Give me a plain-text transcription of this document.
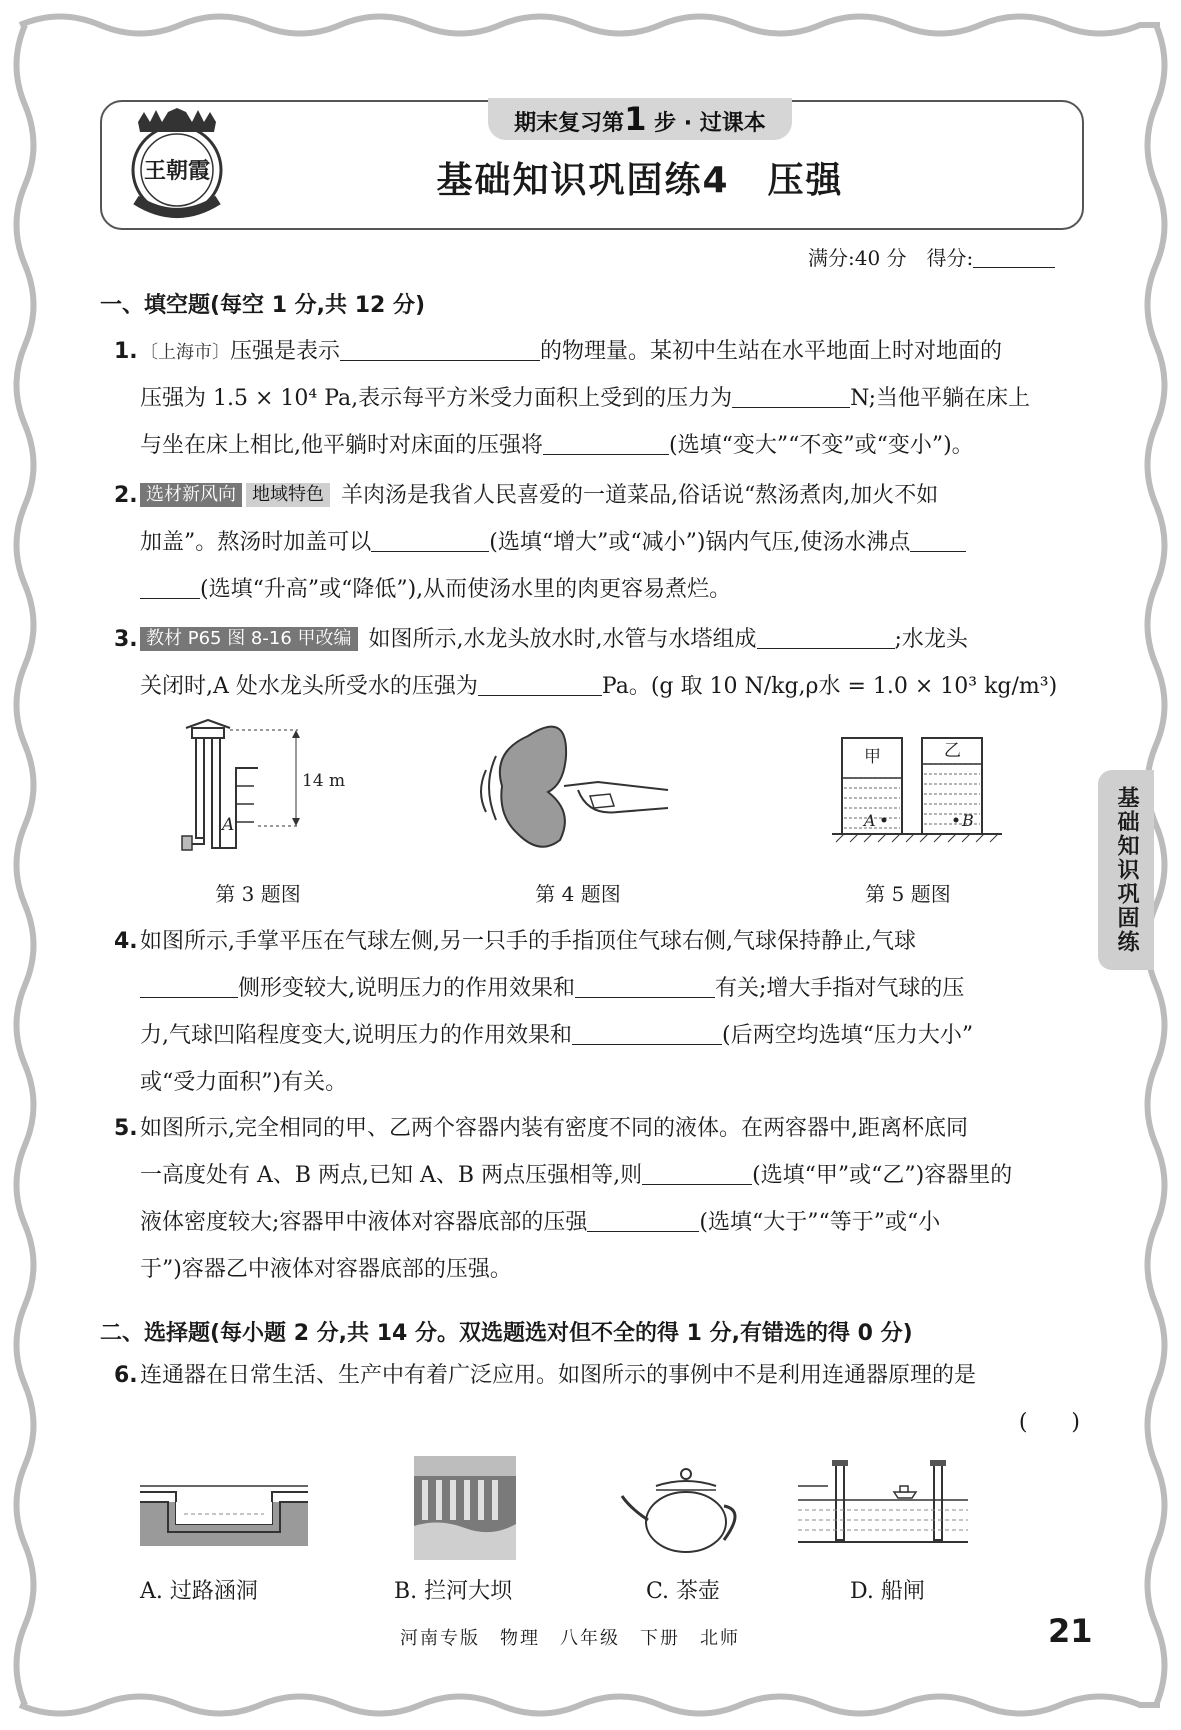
期末复习第1 步 · 过课本
王朝霞	基础知识巩固练4　压强
满分:40 分　得分:
一、填空题(每空 1 分,共 12 分)
1. 〔上海市〕压强是表示	的物理量。某初中生站在水平地面上时对地面的
压强为 1.5 × 10⁴ Pa,表示每平方米受力面积上受到的压力为	N;当他平躺在床上
与坐在床上相比,他平躺时对床面的压强将	(选填“变大”“不变”或“变小”)。
2. 选材新风向 地域特色 羊肉汤是我省人民喜爱的一道菜品,俗话说“熬汤煮肉,加火不如
加盖”。熬汤时加盖可以	(选填“增大”或“减小”)锅内气压,使汤水沸点
(选填“升高”或“降低”),从而使汤水里的肉更容易煮烂。
3. 教材 P65 图 8-16 甲改编 如图所示,水龙头放水时,水管与水塔组成	;水龙头
关闭时,A 处水龙头所受水的压强为	Pa。(g 取 10 N/kg,ρ水 = 1.0 × 10³ kg/m³)
14 m
A
第 3 题图	第 4 题图
甲	乙
A	B
第 5 题图	基础知识巩固练
4. 如图所示,手掌平压在气球左侧,另一只手的手指顶住气球右侧,气球保持静止,气球
侧形变较大,说明压力的作用效果和	有关;增大手指对气球的压
力,气球凹陷程度变大,说明压力的作用效果和	(后两空均选填“压力大小”
或“受力面积”)有关。
5. 如图所示,完全相同的甲、乙两个容器内装有密度不同的液体。在两容器中,距离杯底同
一高度处有 A、B 两点,已知 A、B 两点压强相等,则	(选填“甲”或“乙”)容器里的
液体密度较大;容器甲中液体对容器底部的压强	(选填“大于”“等于”或“小
于”)容器乙中液体对容器底部的压强。
二、选择题(每小题 2 分,共 14 分。双选题选对但不全的得 1 分,有错选的得 0 分)
6. 连通器在日常生活、生产中有着广泛应用。如图所示的事例中不是利用连通器原理的是
(　　)
A. 过路涵洞	B. 拦河大坝	C. 茶壶	D. 船闸
河南专版　物理　八年级　下册　北师	21
